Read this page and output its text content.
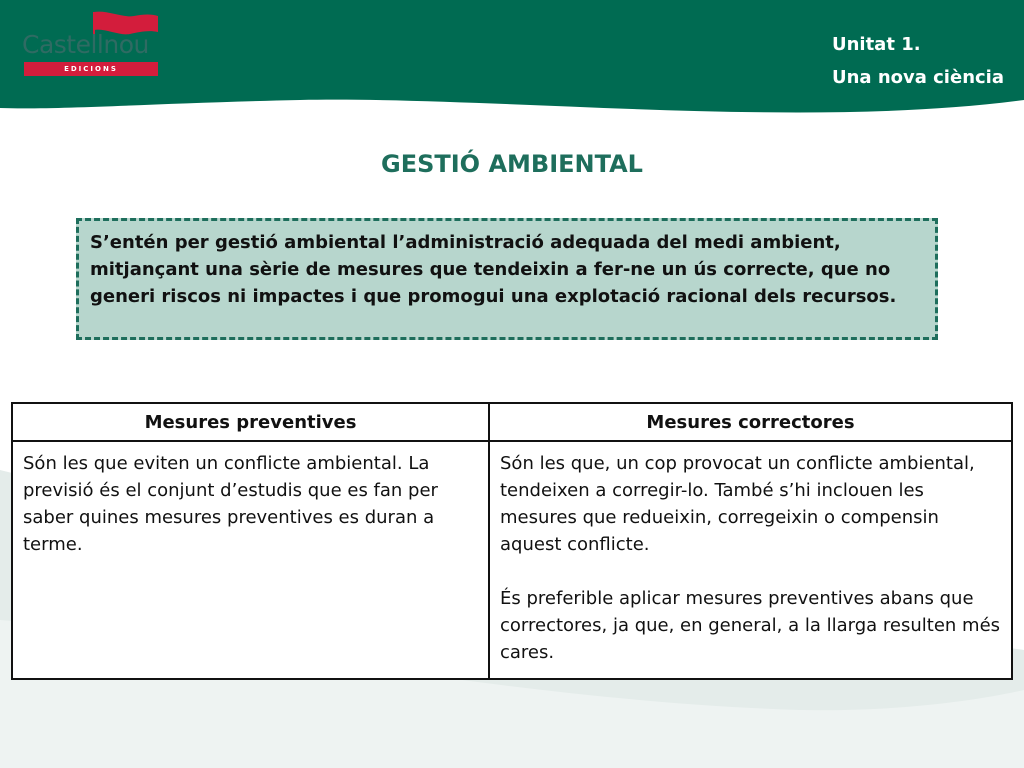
Castellnou
EDICIONS
Unitat 1.
Una nova ciència
GESTIÓ AMBIENTAL
S’entén per gestió ambiental l’administració adequada del medi ambient, mitjançant una sèrie de mesures que tendeixin a fer-ne un ús correcte, que no generi riscos ni impactes i que promogui una explotació racional dels recursos.
Mesures preventives	Mesures correctores

Són les que eviten un conflicte ambiental. La previsió és el conjunt d’estudis que es fan per saber quines mesures preventives es duran a terme.	Són les que, un cop provocat un conflicte ambiental, tendeixen a corregir-lo. També s’hi inclouen les mesures que redueixin, corregeixin o compensin aquest conflicte.
És preferible aplicar mesures preventives abans que correctores, ja que, en general, a la llarga resulten més cares.
